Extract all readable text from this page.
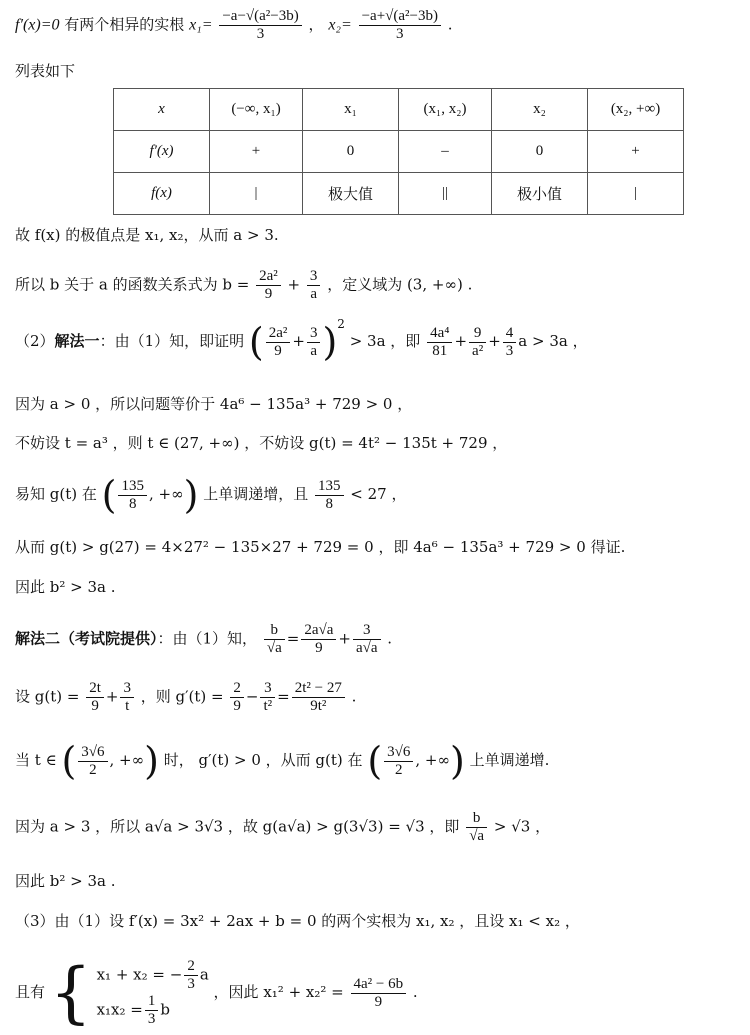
f′(x)=0 有两个相异的实根 $x_1= \frac{\text{−a−√(a²−3b)}}{3}$ ， $x_2= \frac{\text{−a+√(a²−3b)}}{3}$ .
列表如下
x	(−∞, x₁)	x₁	(x₁, x₂)	x₂	(x₂, +∞)
f′(x)	+	0	–	0	+
f(x)	|	极大值	||	极小值	|
故 f(x) 的极值点是 x₁, x₂，从而 a > 3.
所以 b 关于 a 的函数关系式为 $b = \frac{\text{2a²}}{9} + \frac{3}{a}$ ，定义域为 (3, +∞) .
（2）解法一：由（1）知，即证明 ( $\frac{\text{2a²}}{9} + \frac{3}{a} )^2 > 3a$ ，即 $\frac{\text{4a⁴}}{81} + \frac{9}{\text{a²}} + \frac{4}{3}$ a > 3a ，
因为 a > 0 ，所以问题等价于 4a⁶ − 135a³ + 729 > 0 ，
不妨设 t = a³ ，则 t ∈ (27, +∞) ，不妨设 g(t) = 4t² − 135t + 729 ，
易知 g(t) 在 ( $\frac{135}{8}$ , +∞) 上单调递增，且 $\frac{135}{8} < 27$ ，
从而 g(t) > g(27) = 4×27² − 135×27 + 729 = 0 ，即 4a⁶ − 135a³ + 729 > 0 得证.
因此 b² > 3a .
解法二（考试院提供）：由（1）知， $\frac{b}{√a} = \frac{2a√a}{9} + \frac{3}{a√a}$ .
设 $g(t) = \frac{2t}{9} + \frac{3}{t}$ ，则 $g'(t) = \frac{2}{9} - \frac{3}{\text{t²}} = \frac{\text{2t² − 27}}{\text{9t²}}$ .
当 t ∈ ( $\frac{3√6}{2}$ , +∞) 时， g′(t) > 0 ，从而 g(t) 在 ( $\frac{3√6}{2}$ , +∞) 上单调递增.
因为 a > 3 ，所以 a√a > 3√3 ，故 g(a√a) > g(3√3) = √3 ，即 $\frac{b}{√a} > √3$ ，
因此 b² > 3a .
（3）由（1）设 f′(x) = 3x² + 2ax + b = 0 的两个实根为 x₁, x₂ ，且设 x₁ < x₂ ，
且有 { x₁ + x₂ = − $\frac{2}{3}$ a
$x_1x_2 = \frac{1}{3}$ b
，因此 $x_1^2 + x_2^2 = \frac{\text{4a² − 6b}}{9}$ .
